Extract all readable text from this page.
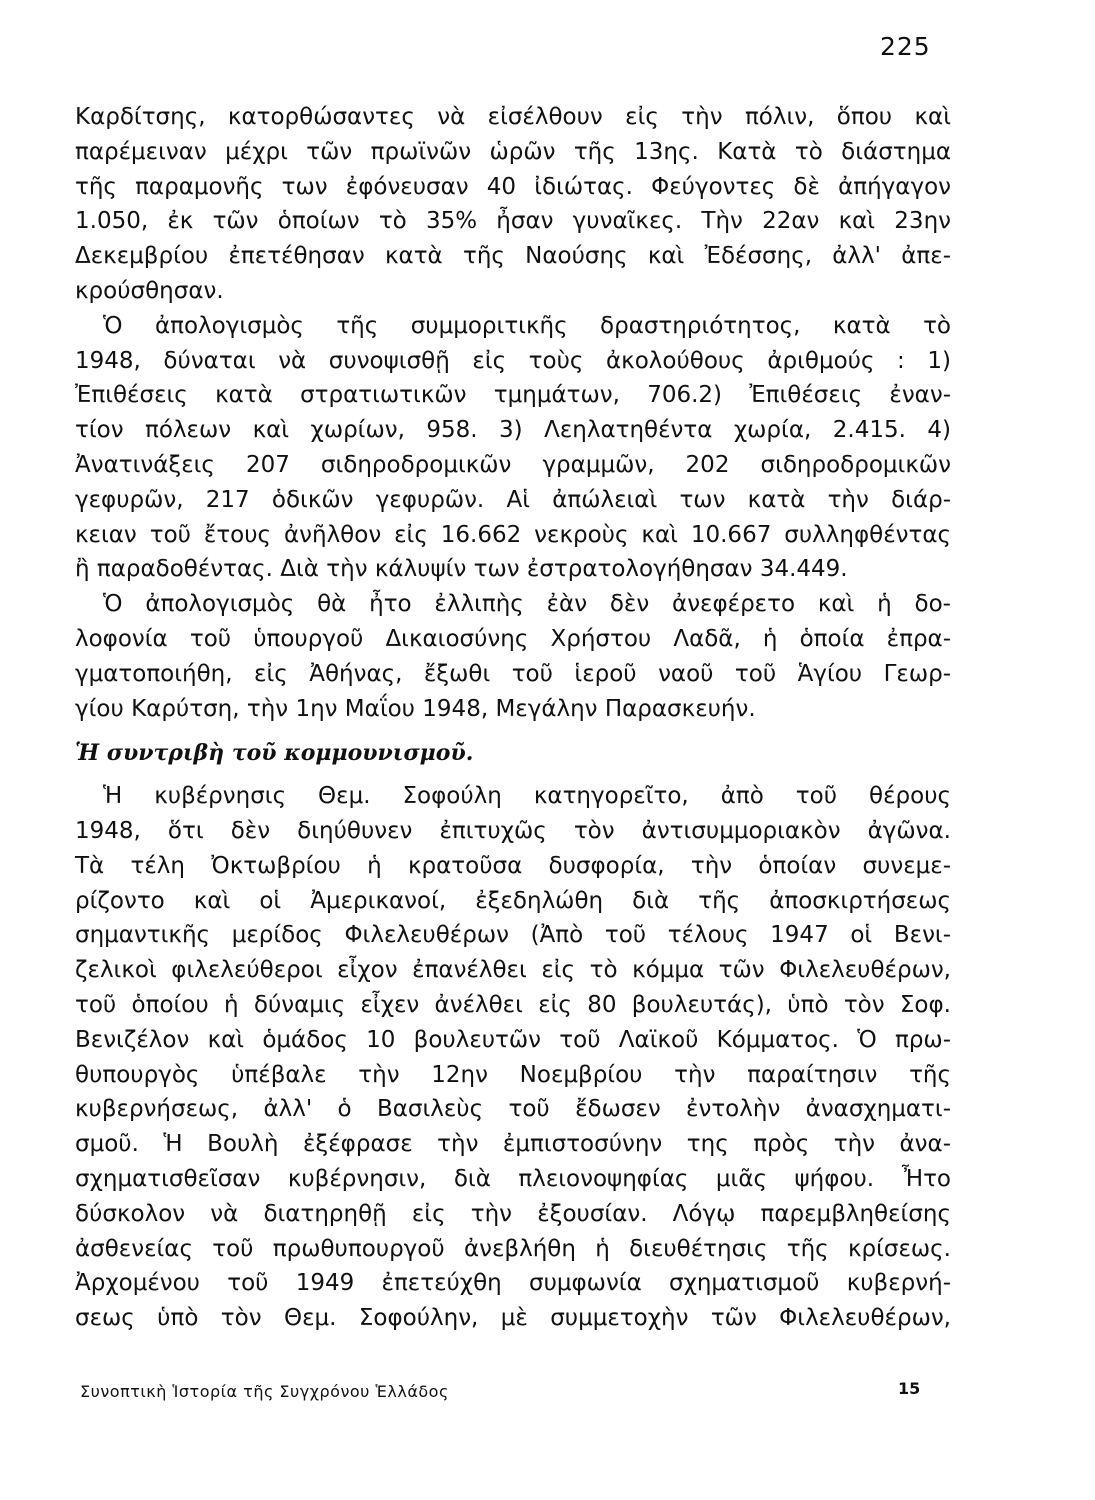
225
Καρδίτσης, κατορθώσαντες νὰ εἰσέλθουν εἰς τὴν πόλιν, ὅπου καὶ
παρέμειναν μέχρι τῶν πρωϊνῶν ὡρῶν τῆς 13ης. Κατὰ τὸ διάστημα
τῆς παραμονῆς των ἐφόνευσαν 40 ἰδιώτας. Φεύγοντες δὲ ἀπήγαγον
1.050, ἐκ τῶν ὁποίων τὸ 35% ἦσαν γυναῖκες. Τὴν 22αν καὶ 23ην
Δεκεμβρίου ἐπετέθησαν κατὰ τῆς Ναούσης καὶ Ἐδέσσης, ἀλλ' ἀπε-
κρούσθησαν.
Ὁ ἀπολογισμὸς τῆς συμμοριτικῆς δραστηριότητος, κατὰ τὸ
1948, δύναται νὰ συνοψισθῇ εἰς τοὺς ἀκολούθους ἀριθμούς : 1)
Ἐπιθέσεις κατὰ στρατιωτικῶν τμημάτων, 706.2) Ἐπιθέσεις ἐναν-
τίον πόλεων καὶ χωρίων, 958. 3) Λεηλατηθέντα χωρία, 2.415. 4)
Ἀνατινάξεις 207 σιδηροδρομικῶν γραμμῶν, 202 σιδηροδρομικῶν
γεφυρῶν, 217 ὁδικῶν γεφυρῶν. Αἱ ἀπώλειαὶ των κατὰ τὴν διάρ-
κειαν τοῦ ἔτους ἀνῆλθον εἰς 16.662 νεκροὺς καὶ 10.667 συλληφθέντας
ἢ παραδοθέντας. Διὰ τὴν κάλυψίν των ἐστρατολογήθησαν 34.449.
Ὁ ἀπολογισμὸς θὰ ἦτο ἐλλιπὴς ἐὰν δὲν ἀνεφέρετο καὶ ἡ δο-
λοφονία τοῦ ὑπουργοῦ Δικαιοσύνης Χρήστου Λαδᾶ, ἡ ὁποία ἐπρα-
γματοποιήθη, εἰς Ἀθήνας, ἔξωθι τοῦ ἱεροῦ ναοῦ τοῦ Ἁγίου Γεωρ-
γίου Καρύτση, τὴν 1ην Μαΐου 1948, Μεγάλην Παρασκευήν.
Ἡ συντριβὴ τοῦ κομμουνισμοῦ.
Ἡ κυβέρνησις Θεμ. Σοφούλη κατηγορεῖτο, ἀπὸ τοῦ θέρους
1948, ὅτι δὲν διηύθυνεν ἐπιτυχῶς τὸν ἀντισυμμοριακὸν ἀγῶνα.
Τὰ τέλη Ὀκτωβρίου ἡ κρατοῦσα δυσφορία, τὴν ὁποίαν συνεμε-
ρίζοντο καὶ οἱ Ἀμερικανοί, ἐξεδηλώθη διὰ τῆς ἀποσκιρτήσεως
σημαντικῆς μερίδος Φιλελευθέρων (Ἀπὸ τοῦ τέλους 1947 οἱ Βενι-
ζελικοὶ φιλελεύθεροι εἶχον ἐπανέλθει εἰς τὸ κόμμα τῶν Φιλελευθέρων,
τοῦ ὁποίου ἡ δύναμις εἶχεν ἀνέλθει εἰς 80 βουλευτάς), ὑπὸ τὸν Σοφ.
Βενιζέλον καὶ ὁμάδος 10 βουλευτῶν τοῦ Λαϊκοῦ Κόμματος. Ὁ πρω-
θυπουργὸς ὑπέβαλε τὴν 12ην Νοεμβρίου τὴν παραίτησιν τῆς
κυβερνήσεως, ἀλλ' ὁ Βασιλεὺς τοῦ ἔδωσεν ἐντολὴν ἀνασχηματι-
σμοῦ. Ἡ Βουλὴ ἐξέφρασε τὴν ἐμπιστοσύνην της πρὸς τὴν ἀνα-
σχηματισθεῖσαν κυβέρνησιν, διὰ πλειονοψηφίας μιᾶς ψήφου. Ἦτο
δύσκολον νὰ διατηρηθῇ εἰς τὴν ἐξουσίαν. Λόγῳ παρεμβληθείσης
ἀσθενείας τοῦ πρωθυπουργοῦ ἀνεβλήθη ἡ διευθέτησις τῆς κρίσεως.
Ἀρχομένου τοῦ 1949 ἐπετεύχθη συμφωνία σχηματισμοῦ κυβερνή-
σεως ὑπὸ τὸν Θεμ. Σοφούλην, μὲ συμμετοχὴν τῶν Φιλελευθέρων,
Συνοπτικὴ Ἱστορία τῆς Συγχρόνου Ἑλλάδος	15
